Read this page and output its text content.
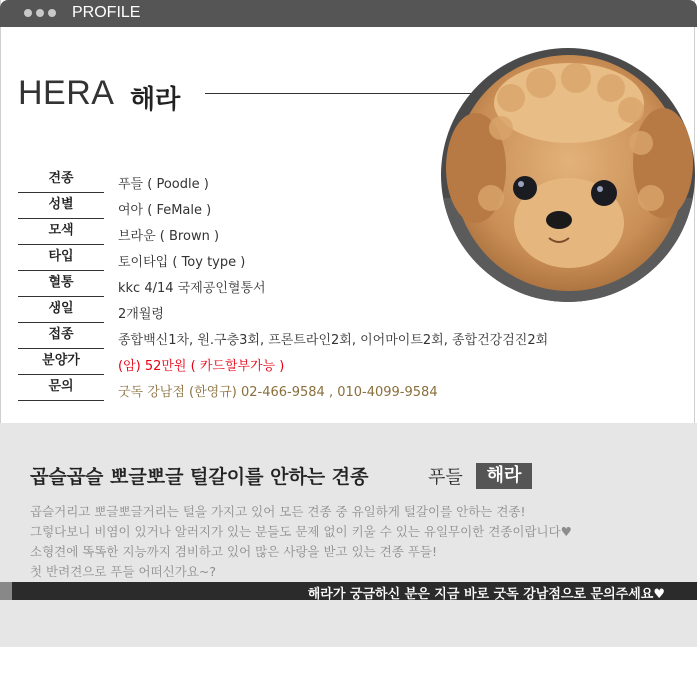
PROFILE
HERA 해라
견종	푸들 ( Poodle )
성별	여아 ( FeMale )
모색	브라운 ( Brown )
타입	토이타입 ( Toy type )
혈통	kkc 4/14 국제공인혈통서
생일	2개월령
접종	종합백신1차, 원.구충3회, 프론트라인2회, 이어마이트2회, 종합건강검진2회
분양가	(암) 52만원 ( 카드할부가능 )
문의	굿독 강남점 (한영규) 02-466-9584 , 010-4099-9584
곱슬곱슬 뽀글뽀글 털갈이를 안하는 견종	푸들	해라
곱슬거리고 뽀글뽀글거리는 털을 가지고 있어 모든 견종 중 유일하게 털갈이를 안하는 견종!
그렇다보니 비염이 있거나 알러지가 있는 분들도 문제 없이 키울 수 있는 유일무이한 견종이랍니다♥
소형견에 똑똑한 지능까지 겸비하고 있어 많은 사랑을 받고 있는 견종 푸들!
첫 반려견으로 푸들 어떠신가요~?
해라가 궁금하신 분은 지금 바로 굿독 강남점으로 문의주세요♥
